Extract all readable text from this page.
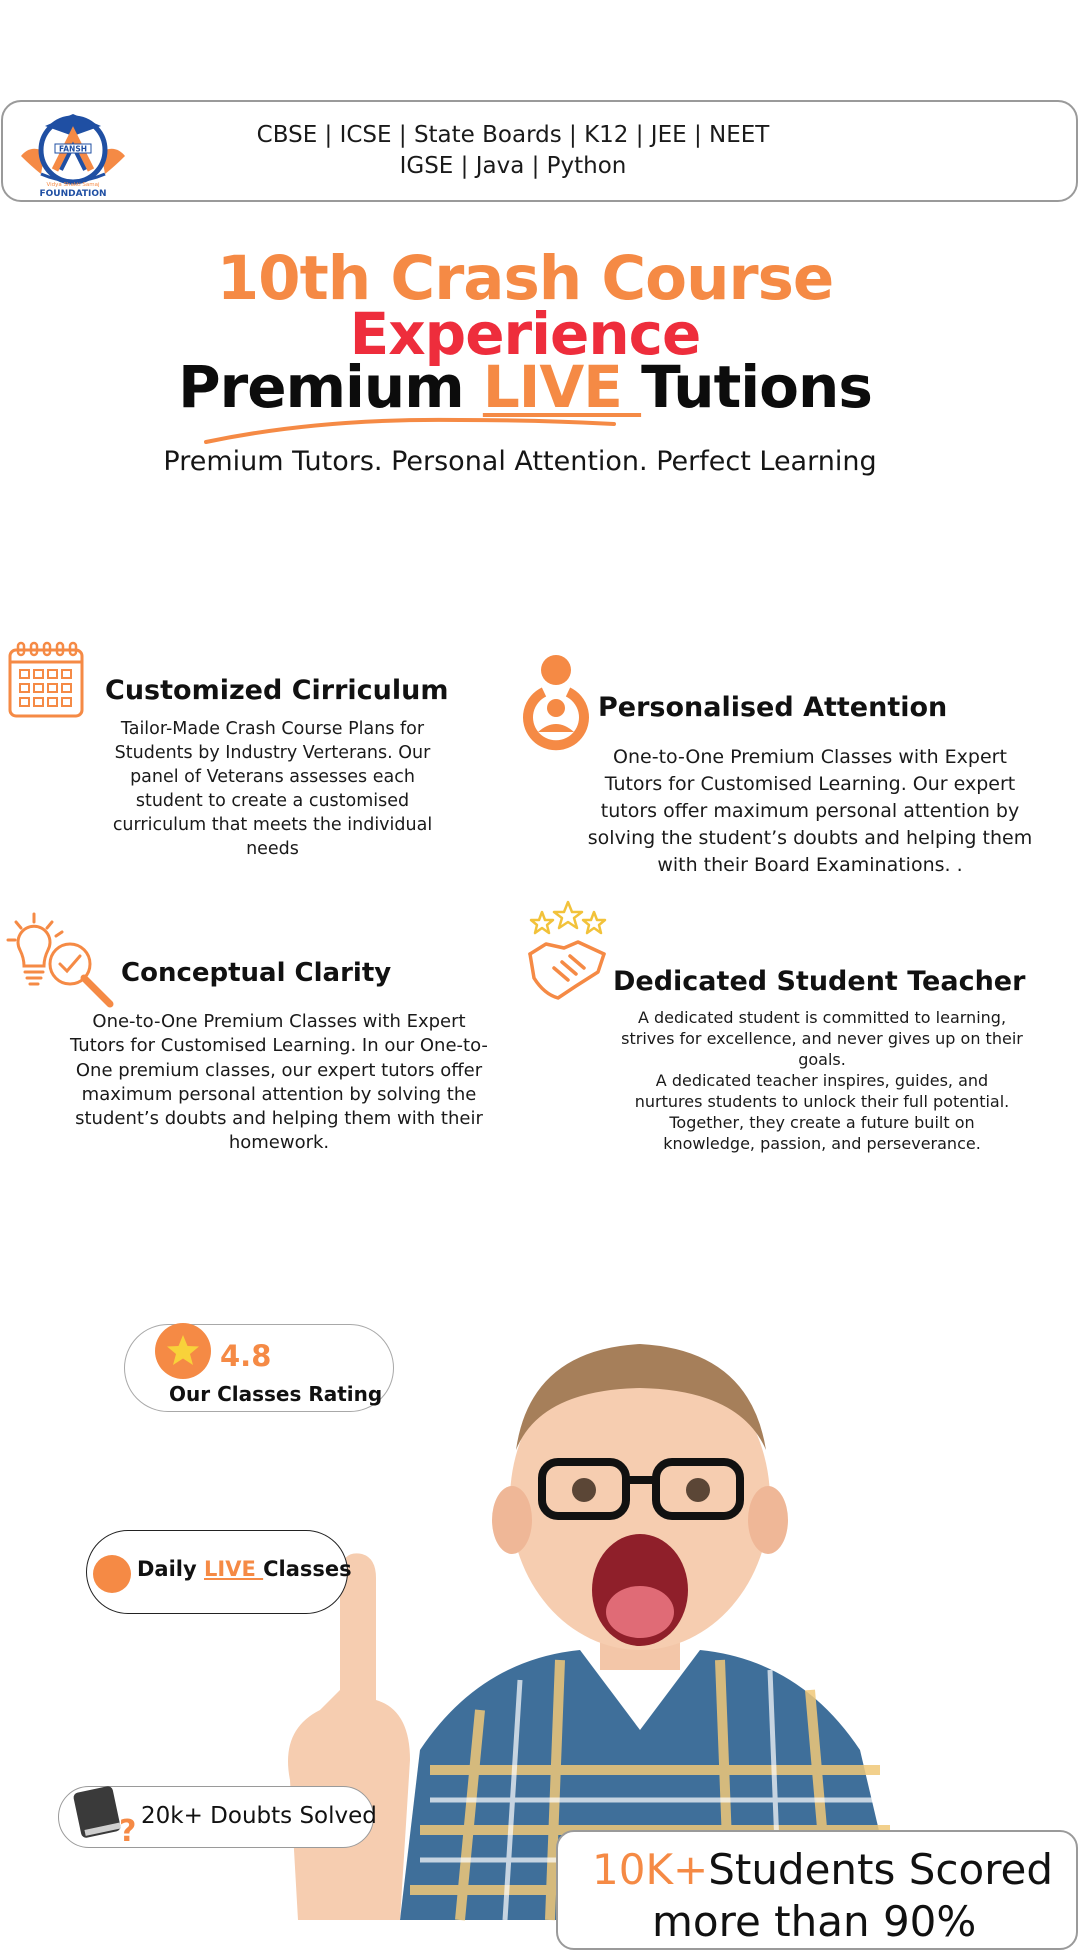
FANSH
Vidya Shakti Samaj
FOUNDATION
CBSE | ICSE | State Boards | K12 | JEE | NEET
IGSE | Java | Python
10th Crash Course
Experience
Premium LIVE Tutions
Premium Tutors. Personal Attention. Perfect Learning
Customized Cirriculum
Tailor-Made Crash Course Plans for
Students by Industry Verterans. Our
panel of Veterans assesses each
student to create a customised
curriculum that meets the individual
needs
Personalised Attention
One-to-One Premium Classes with Expert
Tutors for Customised Learning. Our expert
tutors offer maximum personal attention by
solving the student’s doubts and helping them
with their Board Examinations. .
Conceptual Clarity
One-to-One Premium Classes with Expert
Tutors for Customised Learning. In our One-to-
One premium classes, our expert tutors offer
maximum personal attention by solving the
student’s doubts and helping them with their
homework.
Dedicated Student Teacher
A dedicated student is committed to learning,
strives for excellence, and never gives up on their
goals.
A dedicated teacher inspires, guides, and
nurtures students to unlock their full potential.
Together, they create a future built on
knowledge, passion, and perseverance.
4.8
Our Classes Rating
Daily LIVE Classes
? 20k+ Doubts Solved
10K+Students Scored
more than 90%
